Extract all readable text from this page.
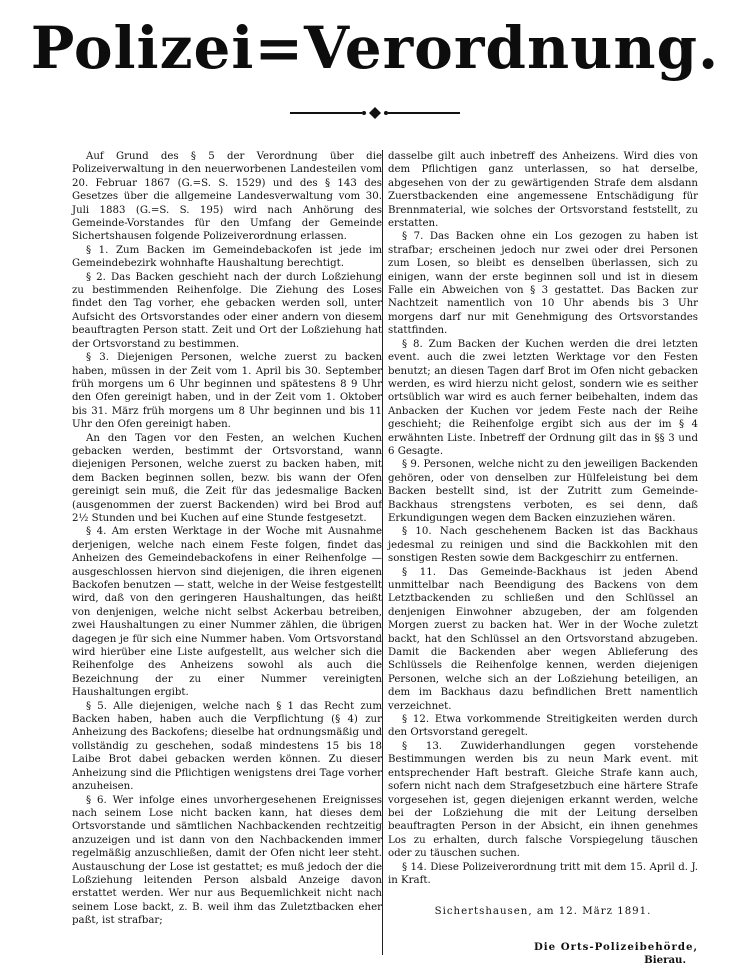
Polizei=Verordnung.

Auf Grund des § 5 der Verordnung über die Polizeiverwaltung in den neuerworbenen Landesteilen vom 20. Februar 1867 (G.=S. S. 1529) und des § 143 des Gesetzes über die allgemeine Landesverwaltung vom 30. Juli 1883 (G.=S. S. 195) wird nach Anhörung des Gemeinde-Vorstandes für den Umfang der Gemeinde Sichertshausen folgende Polizeiverordnung erlassen.

§ 1. Zum Backen im Gemeindebackofen ist jede im Gemeindebezirk wohnhafte Haushaltung berechtigt.

§ 2. Das Backen geschieht nach der durch Loßziehung zu bestimmenden Reihenfolge. Die Ziehung des Loses findet den Tag vorher, ehe gebacken werden soll, unter Aufsicht des Ortsvorstandes oder einer andern von diesem beauftragten Person statt. Zeit und Ort der Loßziehung hat der Ortsvorstand zu bestimmen.

§ 3. Diejenigen Personen, welche zuerst zu backen haben, müssen in der Zeit vom 1. April bis 30. September früh morgens um 6 Uhr beginnen und spätestens 8 9 Uhr den Ofen gereinigt haben, und in der Zeit vom 1. Oktober bis 31. März früh morgens um 8 Uhr beginnen und bis 11 Uhr den Ofen gereinigt haben.

An den Tagen vor den Festen, an welchen Kuchen gebacken werden, bestimmt der Ortsvorstand, wann diejenigen Personen, welche zuerst zu backen haben, mit dem Backen beginnen sollen, bezw. bis wann der Ofen gereinigt sein muß, die Zeit für das jedesmalige Backen (ausgenommen der zuerst Backenden) wird bei Brod auf 2½ Stunden und bei Kuchen auf eine Stunde festgesetzt.

§ 4. Am ersten Werktage in der Woche mit Ausnahme derjenigen, welche nach einem Feste folgen, findet das Anheizen des Gemeindebackofens in einer Reihenfolge — ausgeschlossen hiervon sind diejenigen, die ihren eigenen Backofen benutzen — statt, welche in der Weise festgestellt wird, daß von den geringeren Haushaltungen, das heißt von denjenigen, welche nicht selbst Ackerbau betreiben, zwei Haushaltungen zu einer Nummer zählen, die übrigen dagegen je für sich eine Nummer haben. Vom Ortsvorstand wird hierüber eine Liste aufgestellt, aus welcher sich die Reihenfolge des Anheizens sowohl als auch die Bezeichnung der zu einer Nummer vereinigten Haushaltungen ergibt.

§ 5. Alle diejenigen, welche nach § 1 das Recht zum Backen haben, haben auch die Verpflichtung (§ 4) zur Anheizung des Backofens; dieselbe hat ordnungsmäßig und vollständig zu geschehen, sodaß mindestens 15 bis 18 Laibe Brot dabei gebacken werden können. Zu dieser Anheizung sind die Pflichtigen wenigstens drei Tage vorher anzuheisen.

§ 6. Wer infolge eines unvorhergesehenen Ereignisses nach seinem Lose nicht backen kann, hat dieses dem Ortsvorstande und sämtlichen Nachbackenden rechtzeitig anzuzeigen und ist dann von den Nachbackenden immer regelmäßig anzuschließen, damit der Ofen nicht leer steht. Austauschung der Lose ist gestattet; es muß jedoch der die Loßziehung leitenden Person alsbald Anzeige davon erstattet werden. Wer nur aus Bequemlichkeit nicht nach seinem Lose backt, z. B. weil ihm das Zuletztbacken eher paßt, ist strafbar;

dasselbe gilt auch inbetreff des Anheizens. Wird dies von dem Pflichtigen ganz unterlassen, so hat derselbe, abgesehen von der zu gewärtigenden Strafe dem alsdann Zuerstbackenden eine angemessene Entschädigung für Brennmaterial, wie solches der Ortsvorstand feststellt, zu erstatten.

§ 7. Das Backen ohne ein Los gezogen zu haben ist strafbar; erscheinen jedoch nur zwei oder drei Personen zum Losen, so bleibt es denselben überlassen, sich zu einigen, wann der erste beginnen soll und ist in diesem Falle ein Abweichen von § 3 gestattet. Das Backen zur Nachtzeit namentlich von 10 Uhr abends bis 3 Uhr morgens darf nur mit Genehmigung des Ortsvorstandes stattfinden.

§ 8. Zum Backen der Kuchen werden die drei letzten event. auch die zwei letzten Werktage vor den Festen benutzt; an diesen Tagen darf Brot im Ofen nicht gebacken werden, es wird hierzu nicht gelost, sondern wie es seither ortsüblich war wird es auch ferner beibehalten, indem das Anbacken der Kuchen vor jedem Feste nach der Reihe geschieht; die Reihenfolge ergibt sich aus der im § 4 erwähnten Liste. Inbetreff der Ordnung gilt das in §§ 3 und 6 Gesagte.

§ 9. Personen, welche nicht zu den jeweiligen Backenden gehören, oder von denselben zur Hülfeleistung bei dem Backen bestellt sind, ist der Zutritt zum Gemeinde-Backhaus strengstens verboten, es sei denn, daß Erkundigungen wegen dem Backen einzuziehen wären.

§ 10. Nach geschehenem Backen ist das Backhaus jedesmal zu reinigen und sind die Backkohlen mit den sonstigen Resten sowie dem Backgeschirr zu entfernen.

§ 11. Das Gemeinde-Backhaus ist jeden Abend unmittelbar nach Beendigung des Backens von dem Letztbackenden zu schließen und den Schlüssel an denjenigen Einwohner abzugeben, der am folgenden Morgen zuerst zu backen hat. Wer in der Woche zuletzt backt, hat den Schlüssel an den Ortsvorstand abzugeben. Damit die Backenden aber wegen Ablieferung des Schlüssels die Reihenfolge kennen, werden diejenigen Personen, welche sich an der Loßziehung beteiligen, an dem im Backhaus dazu befindlichen Brett namentlich verzeichnet.

§ 12. Etwa vorkommende Streitigkeiten werden durch den Ortsvorstand geregelt.

§ 13. Zuwiderhandlungen gegen vorstehende Bestimmungen werden bis zu neun Mark event. mit entsprechender Haft bestraft. Gleiche Strafe kann auch, sofern nicht nach dem Strafgesetzbuch eine härtere Strafe vorgesehen ist, gegen diejenigen erkannt werden, welche bei der Loßziehung die mit der Leitung derselben beauftragten Person in der Absicht, ein ihnen genehmes Los zu erhalten, durch falsche Vorspiegelung täuschen oder zu täuschen suchen.

§ 14. Diese Polizeiverordnung tritt mit dem 15. April d. J. in Kraft.

Sichertshausen, am 12. März 1891.

Die Orts-Polizeibehörde,

Bierau.
